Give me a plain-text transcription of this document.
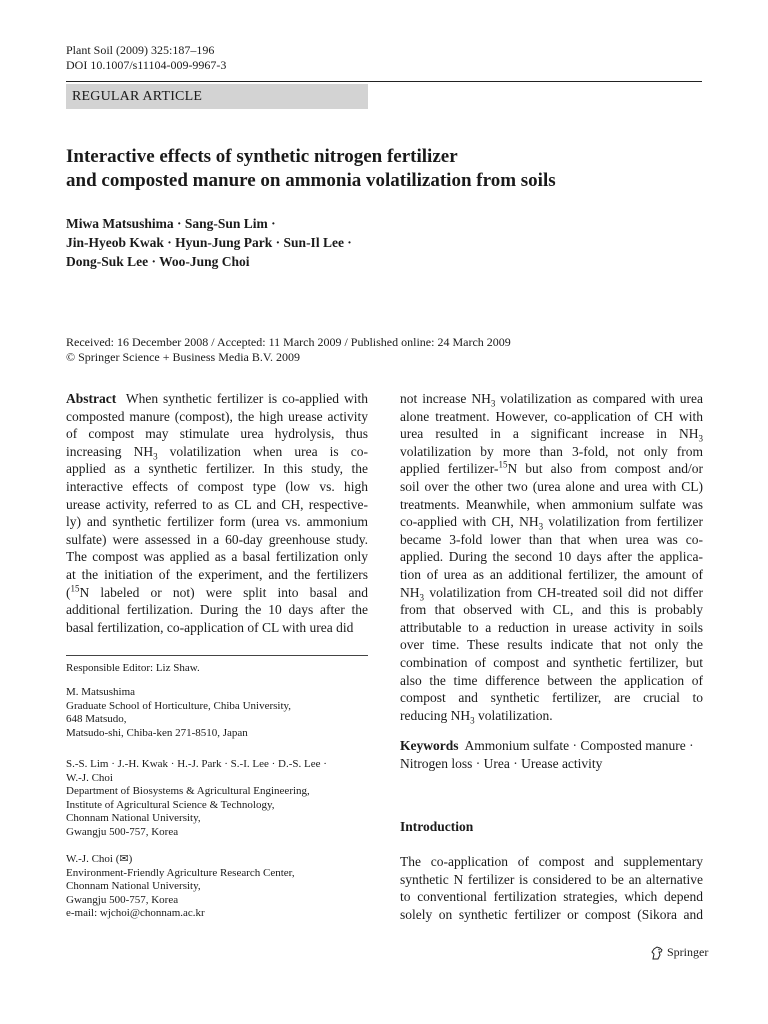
Plant Soil (2009) 325:187–196
DOI 10.1007/s11104-009-9967-3
REGULAR ARTICLE
Interactive effects of synthetic nitrogen fertilizer
and composted manure on ammonia volatilization from soils
Miwa Matsushima · Sang-Sun Lim ·
Jin-Hyeob Kwak · Hyun-Jung Park · Sun-Il Lee ·
Dong-Suk Lee · Woo-Jung Choi
Received: 16 December 2008 / Accepted: 11 March 2009 / Published online: 24 March 2009
© Springer Science + Business Media B.V. 2009
Abstract  When synthetic fertilizer is co-applied with
composted manure (compost), the high urease activity
of compost may stimulate urea hydrolysis, thus
increasing $NH_3$ volatilization when urea is co-
applied as a synthetic fertilizer. In this study, the
interactive effects of compost type (low vs. high
urease activity, referred to as CL and CH, respective-
ly) and synthetic fertilizer form (urea vs. ammonium
sulfate) were assessed in a 60-day greenhouse study.
The compost was applied as a basal fertilization only
at the initiation of the experiment, and the fertilizers
($^{15}$N labeled or not) were split into basal and
additional fertilization. During the 10 days after the
basal fertilization, co-application of CL with urea did
not increase $NH_3$ volatilization as compared with urea
alone treatment. However, co-application of CH with
urea resulted in a significant increase in $NH_3$
volatilization by more than 3-fold, not only from
applied fertilizer-$^{15}$N but also from compost and/or
soil over the other two (urea alone and urea with CL)
treatments. Meanwhile, when ammonium sulfate was
co-applied with CH, $NH_3$ volatilization from fertilizer
became 3-fold lower than that when urea was co-
applied. During the second 10 days after the applica-
tion of urea as an additional fertilizer, the amount of
$NH_3$ volatilization from CH-treated soil did not differ
from that observed with CL, and this is probably
attributable to a reduction in urease activity in soils
over time. These results indicate that not only the
combination of compost and synthetic fertilizer, but
also the time difference between the application of
compost and synthetic fertilizer, are crucial to
reducing $NH_3$ volatilization.
Responsible Editor: Liz Shaw.
M. Matsushima
Graduate School of Horticulture, Chiba University,
648 Matsudo,
Matsudo-shi, Chiba-ken 271-8510, Japan
S.-S. Lim · J.-H. Kwak · H.-J. Park · S.-I. Lee · D.-S. Lee ·
W.-J. Choi
Department of Biosystems & Agricultural Engineering,
Institute of Agricultural Science & Technology,
Chonnam National University,
Gwangju 500-757, Korea
W.-J. Choi (✉)
Environment-Friendly Agriculture Research Center,
Chonnam National University,
Gwangju 500-757, Korea
e-mail: wjchoi@chonnam.ac.kr
Keywords Ammonium sulfate · Composted manure ·
Nitrogen loss · Urea · Urease activity
Introduction
The co-application of compost and supplementary
synthetic N fertilizer is considered to be an alternative
to conventional fertilization strategies, which depend
solely on synthetic fertilizer or compost (Sikora and
Springer
